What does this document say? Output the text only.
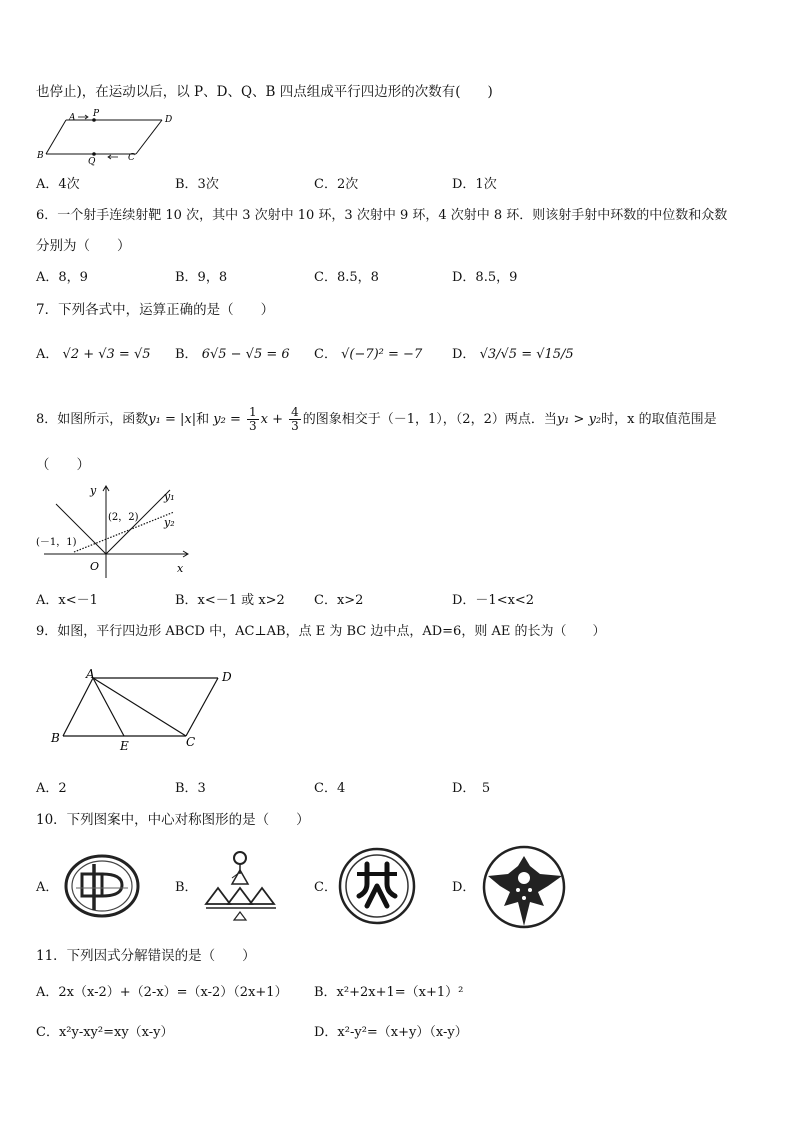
也停止)，在运动以后，以 P、D、Q、B 四点组成平行四边形的次数有(　　)
A P
D
B
Q	C
A．4次	B．3次	C．2次	D．1次
6．一个射手连续射靶 10 次，其中 3 次射中 10 环，3 次射中 9 环，4 次射中 8 环．则该射手射中环数的中位数和众数
分别为（　　）
A．8，9	B．9，8	C．8.5，8	D．8.5，9
7．下列各式中，运算正确的是（　　）
A． √2 + √3 = √5 B． 6√5 − √5 = 6 C． √(−7)² = −7 D． √3/√5 = √15/5
8．如图所示，函数y₁ = |x|和 $y_2 = \frac{1}{3}$ $x + \frac{4}{3}$ 的图象相交于（－1，1），（2，2）两点．当y₁ > y₂时，x 的取值范围是
（　　）
y	y₁
y₂
(2，2)
(－1，1)
O	x
A．x<－1	B．x<－1 或 x>2 C．x>2	D．－1<x<2
9．如图，平行四边形 ABCD 中，AC⊥AB，点 E 为 BC 边中点，AD=6，则 AE 的长为（　　）
A	D
B
E	C
A．2	B．3	C．4	D．　5
10．下列图案中，中心对称图形的是（　　）
A．	B．	C．	D．
11．下列因式分解错误的是（　　）
A．2x（x-2）+（2-x）=（x-2）（2x+1） B．x²+2x+1=（x+1）²
C．x²y-xy²=xy（x-y）	D．x²-y²=（x+y）（x-y）
